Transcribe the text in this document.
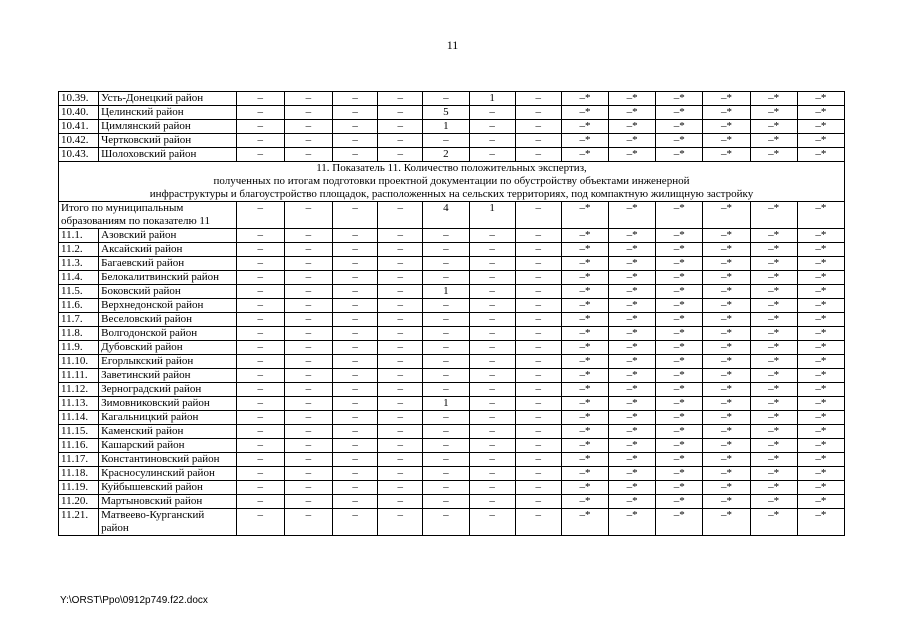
11
10.39.	Усть-Донецкий район	–	–	–	–	–	1	–	–*	–*	–*	–*	–*	–*
10.40.	Целинский район	–	–	–	–	5	–	–	–*	–*	–*	–*	–*	–*
10.41.	Цимлянский район	–	–	–	–	1	–	–	–*	–*	–*	–*	–*	–*
10.42.	Чертковский район	–	–	–	–	–	–	–	–*	–*	–*	–*	–*	–*
10.43.	Шолоховский район	–	–	–	–	2	–	–	–*	–*	–*	–*	–*	–*

11. Показатель 11. Количество положительных экспертиз,
полученных по итогам подготовки проектной документации по обустройству объектами инженерной
инфраструктуры и благоустройство площадок, расположенных на сельских территориях, под компактную жилищную застройку														

Итого по муниципальным образованиям по показателю 11		–	–	–	–	4	1	–	–*	–*	–*	–*	–*	–*
11.1.	Азовский район	–	–	–	–	–	–	–	–*	–*	–*	–*	–*	–*
11.2.	Аксайский район	–	–	–	–	–	–	–	–*	–*	–*	–*	–*	–*
11.3.	Багаевский район	–	–	–	–	–	–	–	–*	–*	–*	–*	–*	–*
11.4.	Белокалитвинский район	–	–	–	–	–	–	–	–*	–*	–*	–*	–*	–*
11.5.	Боковский район	–	–	–	–	1	–	–	–*	–*	–*	–*	–*	–*
11.6.	Верхнедонской район	–	–	–	–	–	–	–	–*	–*	–*	–*	–*	–*
11.7.	Веселовский район	–	–	–	–	–	–	–	–*	–*	–*	–*	–*	–*
11.8.	Волгодонской район	–	–	–	–	–	–	–	–*	–*	–*	–*	–*	–*
11.9.	Дубовский район	–	–	–	–	–	–	–	–*	–*	–*	–*	–*	–*
11.10.	Егорлыкский район	–	–	–	–	–	–	–	–*	–*	–*	–*	–*	–*
11.11.	Заветинский район	–	–	–	–	–	–	–	–*	–*	–*	–*	–*	–*
11.12.	Зерноградский район	–	–	–	–	–	–	–	–*	–*	–*	–*	–*	–*
11.13.	Зимовниковский район	–	–	–	–	1	–	–	–*	–*	–*	–*	–*	–*
11.14.	Кагальницкий район	–	–	–	–	–	–	–	–*	–*	–*	–*	–*	–*
11.15.	Каменский район	–	–	–	–	–	–	–	–*	–*	–*	–*	–*	–*
11.16.	Кашарский район	–	–	–	–	–	–	–	–*	–*	–*	–*	–*	–*
11.17.	Константиновский район	–	–	–	–	–	–	–	–*	–*	–*	–*	–*	–*
11.18.	Красносулинский район	–	–	–	–	–	–	–	–*	–*	–*	–*	–*	–*
11.19.	Куйбышевский район	–	–	–	–	–	–	–	–*	–*	–*	–*	–*	–*
11.20.	Мартыновский район	–	–	–	–	–	–	–	–*	–*	–*	–*	–*	–*
11.21.	Матвеево-Курганский район	–	–	–	–	–	–	–	–*	–*	–*	–*	–*	–*
Y:\ORST\Ppo\0912p749.f22.docx
